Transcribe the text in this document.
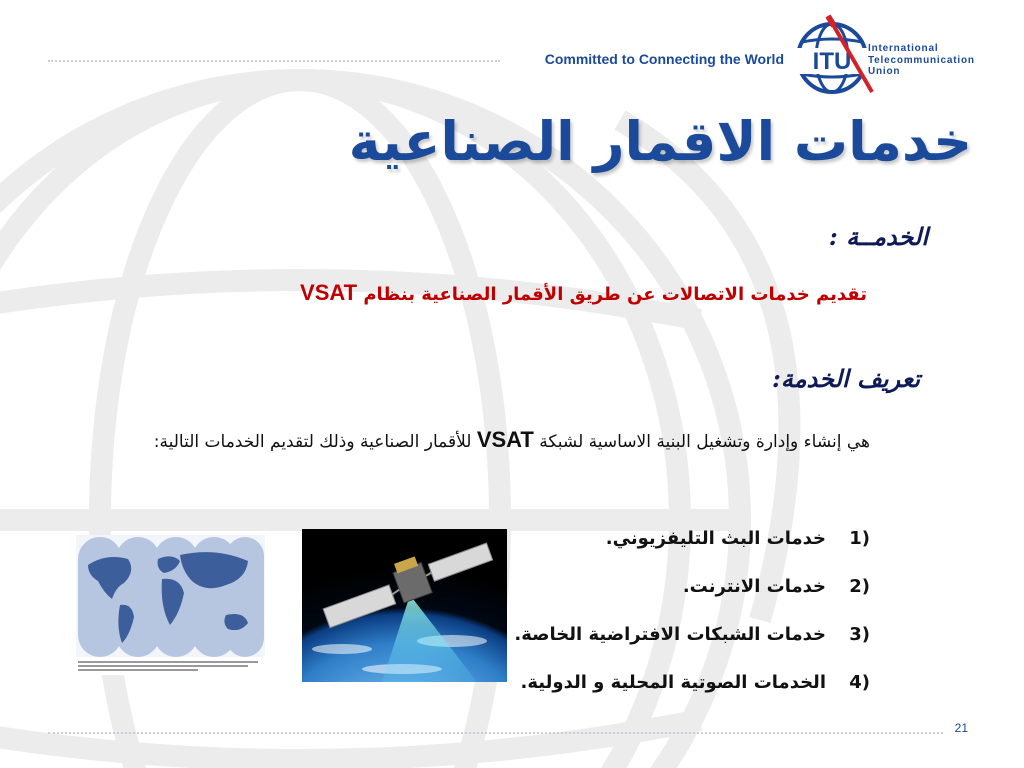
Committed to Connecting the World ITU International
Telecommunication
Union
خدمات الاقمار الصناعية
الخدمــة :
تقديم خدمات الاتصالات عن طريق الأقمار الصناعية بنظام VSAT
تعريف الخدمة:
هي إنشاء وإدارة وتشغيل البنية الاساسية لشبكة VSAT للأقمار الصناعية وذلك لتقديم الخدمات التالية:
(1
خدمات البث التليفزيوني.
(2
خدمات الانترنت.
(3
خدمات الشبكات الافتراضية الخاصة.
(4
الخدمات الصوتية المحلية و الدولية.
21
